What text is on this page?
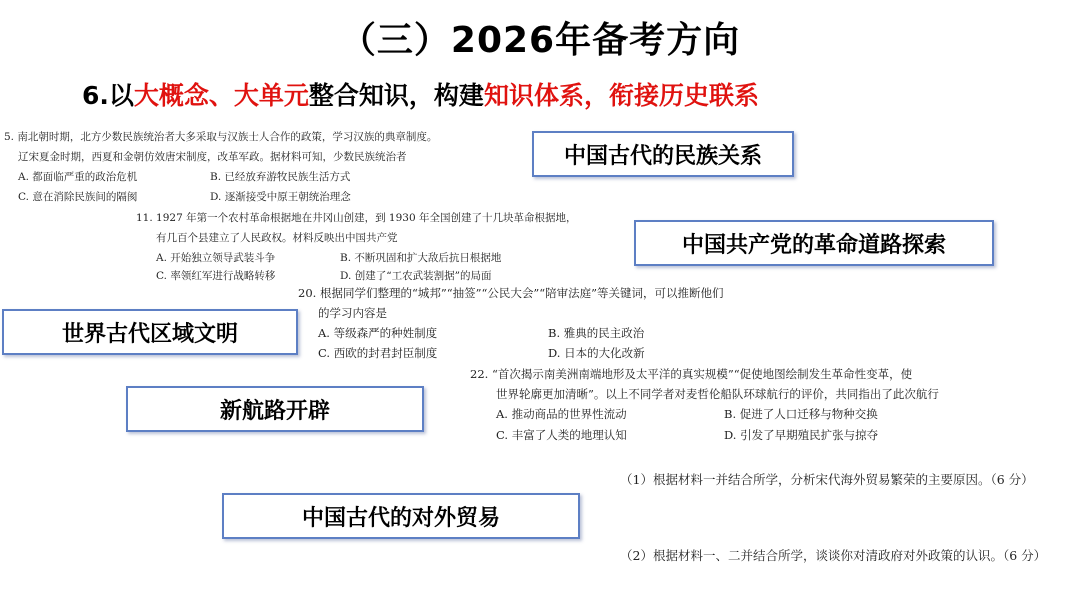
（三）2026年备考方向
6.以大概念、大单元整合知识，构建知识体系，衔接历史联系
5. 南北朝时期，北方少数民族统治者大多采取与汉族士人合作的政策，学习汉族的典章制度。
辽宋夏金时期，西夏和金朝仿效唐宋制度，改革军政。据材料可知，少数民族统治者
A. 都面临严重的政治危机	B. 已经放弃游牧民族生活方式
C. 意在消除民族间的隔阂	D. 逐渐接受中原王朝统治理念
11. 1927 年第一个农村革命根据地在井冈山创建，到 1930 年全国创建了十几块革命根据地，
有几百个县建立了人民政权。材料反映出中国共产党
A. 开始独立领导武装斗争	B. 不断巩固和扩大敌后抗日根据地
C. 率领红军进行战略转移	D. 创建了“工农武装割据”的局面
20. 根据同学们整理的“城邦”“抽签”“公民大会”“陪审法庭”等关键词，可以推断他们
的学习内容是
A. 等级森严的种姓制度	B. 雅典的民主政治
C. 西欧的封君封臣制度	D. 日本的大化改新
22. “首次揭示南美洲南端地形及太平洋的真实规模”“促使地图绘制发生革命性变革，使
世界轮廓更加清晰”。以上不同学者对麦哲伦船队环球航行的评价，共同指出了此次航行
A. 推动商品的世界性流动	B. 促进了人口迁移与物种交换
C. 丰富了人类的地理认知	D. 引发了早期殖民扩张与掠夺
（1）根据材料一并结合所学，分析宋代海外贸易繁荣的主要原因。（6 分）
（2）根据材料一、二并结合所学，谈谈你对清政府对外政策的认识。（6 分）
中国古代的民族关系
中国共产党的革命道路探索
世界古代区域文明
新航路开辟
中国古代的对外贸易
